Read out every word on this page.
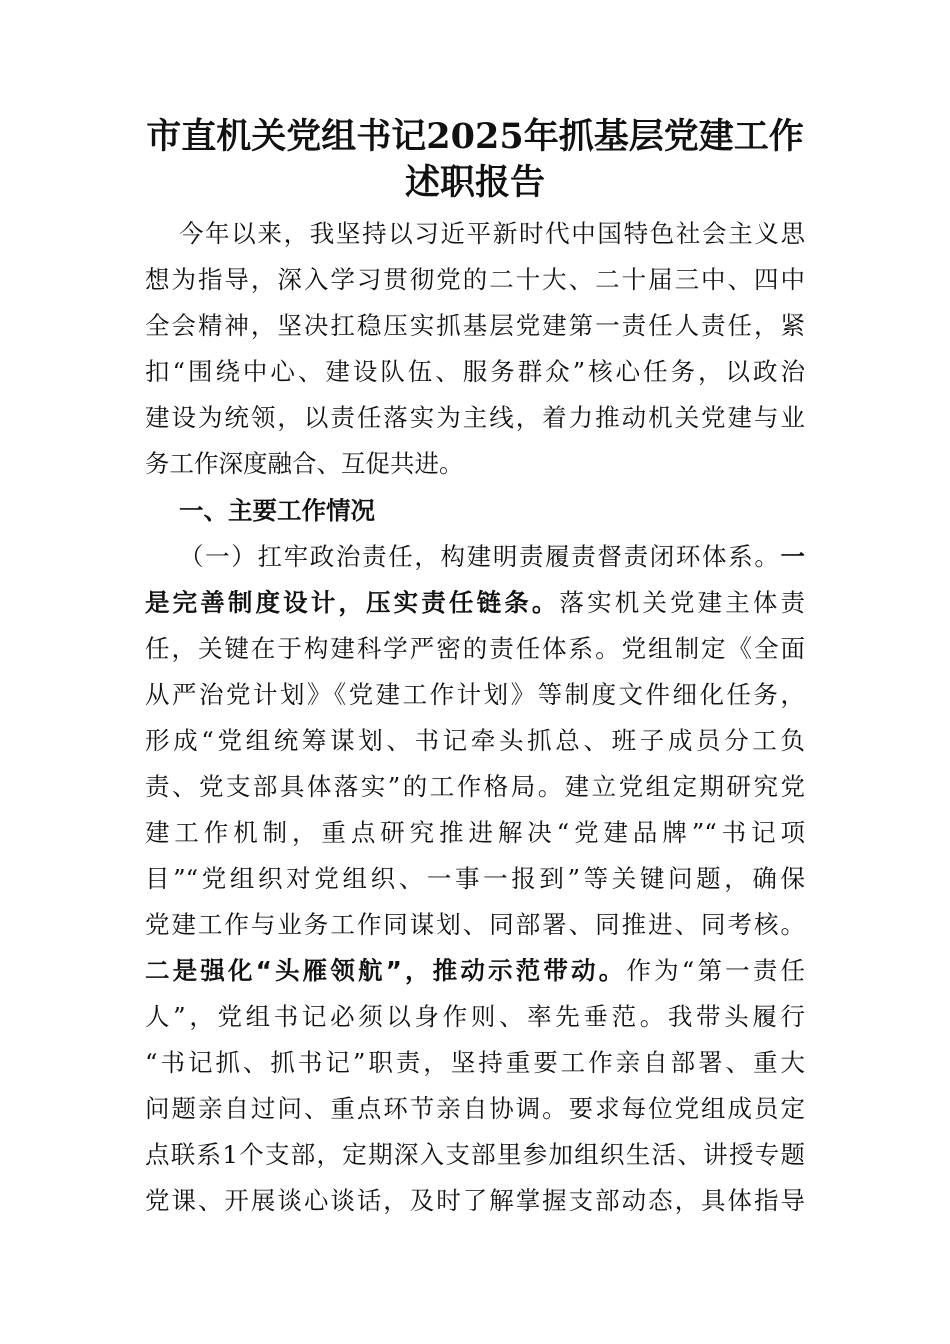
市直机关党组书记2025年抓基层党建工作
述职报告
今年以来，我坚持以习近平新时代中国特色社会主义思
想为指导，深入学习贯彻党的二十大、二十届三中、四中
全会精神，坚决扛稳压实抓基层党建第一责任人责任，紧
扣“围绕中心、建设队伍、服务群众”核心任务，以政治
建设为统领，以责任落实为主线，着力推动机关党建与业
务工作深度融合、互促共进。
一、主要工作情况
（一）扛牢政治责任，构建明责履责督责闭环体系。一
是完善制度设计，压实责任链条。落实机关党建主体责
任，关键在于构建科学严密的责任体系。党组制定《全面
从严治党计划》《党建工作计划》等制度文件细化任务，
形成“党组统筹谋划、书记牵头抓总、班子成员分工负
责、党支部具体落实”的工作格局。建立党组定期研究党
建工作机制，重点研究推进解决“党建品牌”“书记项
目”“党组织对党组织、一事一报到”等关键问题，确保
党建工作与业务工作同谋划、同部署、同推进、同考核。
二是强化“头雁领航”，推动示范带动。作为“第一责任
人”，党组书记必须以身作则、率先垂范。我带头履行
“书记抓、抓书记”职责，坚持重要工作亲自部署、重大
问题亲自过问、重点环节亲自协调。要求每位党组成员定
点联系1个支部，定期深入支部里参加组织生活、讲授专题
党课、开展谈心谈话，及时了解掌握支部动态，具体指导
